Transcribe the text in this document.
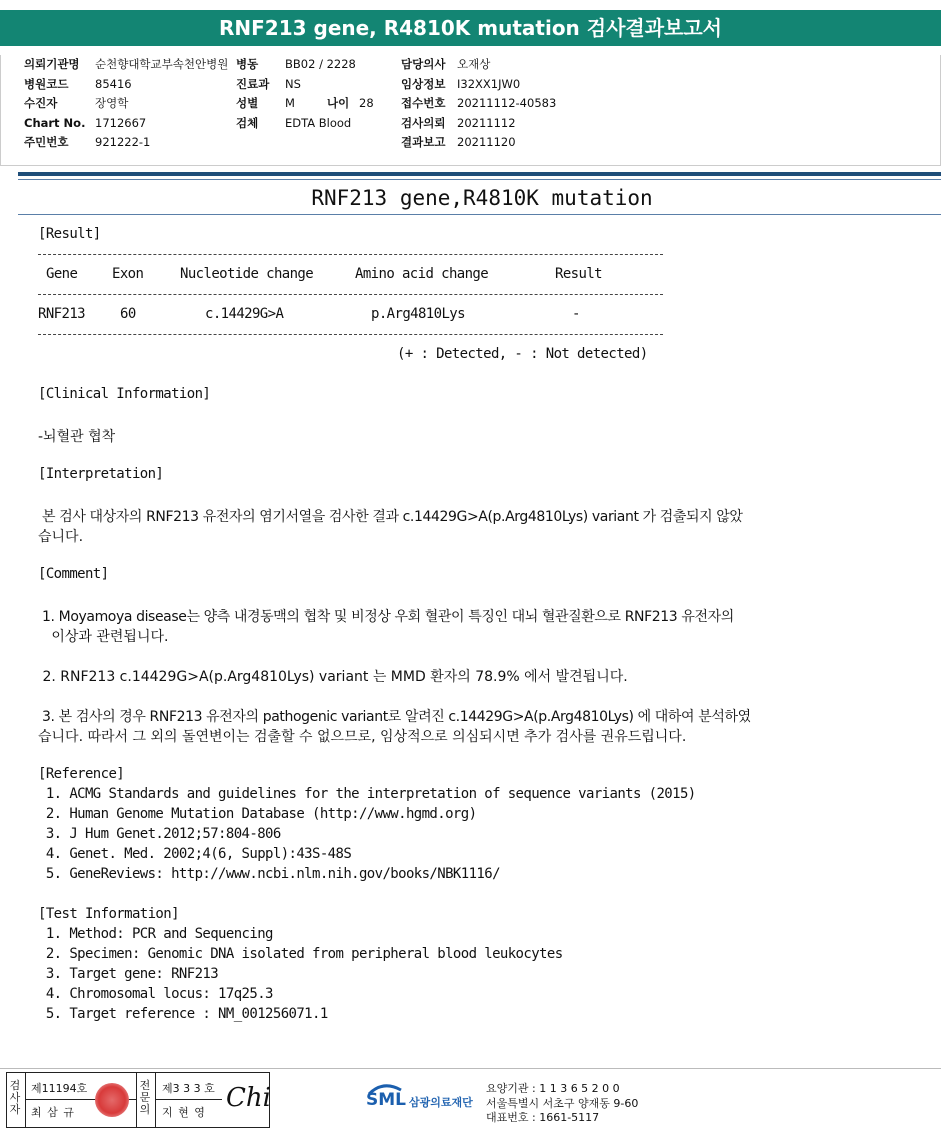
RNF213 gene, R4810K mutation 검사결과보고서
의뢰기관명 순천향대학교부속천안병원
병원코드 85416
수진자	장영학
Chart No. 1712667
주민번호 921222-1
병동 BB02 / 2228
진료과 NS
성별 M	나이 28
검체 EDTA Blood
담당의사 오재상
임상정보 I32XX1JW0
접수번호 20211112-40583
검사의뢰 20211112
결과보고 20211120
RNF213 gene,R4810K mutation
[Result]
Gene Exon	Nucleotide change	Amino acid change	Result
RNF213	60	c.14429G>A	p.Arg4810Lys	-
(+ : Detected, - : Not detected)
[Clinical Information]
-뇌혈관 협착
[Interpretation]
본 검사 대상자의 RNF213 유전자의 염기서열을 검사한 결과 c.14429G>A(p.Arg4810Lys) variant 가 검출되지 않았
습니다.
[Comment]
1. Moyamoya disease는 양측 내경동맥의 협착 및 비정상 우회 혈관이 특징인 대뇌 혈관질환으로 RNF213 유전자의
이상과 관련됩니다.
2. RNF213 c.14429G>A(p.Arg4810Lys) variant 는 MMD 환자의 78.9% 에서 발견됩니다.
3. 본 검사의 경우 RNF213 유전자의 pathogenic variant로 알려진 c.14429G>A(p.Arg4810Lys) 에 대하여 분석하였
습니다. 따라서 그 외의 돌연변이는 검출할 수 없으므로, 임상적으로 의심되시면 추가 검사를 권유드립니다.
[Reference]
1. ACMG Standards and guidelines for the interpretation of sequence variants (2015)
2. Human Genome Mutation Database (http://www.hgmd.org)
3. J Hum Genet.2012;57:804-806
4. Genet. Med. 2002;4(6, Suppl):43S-48S
5. GeneReviews: http://www.ncbi.nlm.nih.gov/books/NBK1116/
[Test Information]
1. Method: PCR and Sequencing
2. Specimen: Genomic DNA isolated from peripheral blood leukocytes
3. Target gene: RNF213
4. Chromosomal locus: 17q25.3
5. Target reference : NM_001256071.1
검사자
제11194호
최 삼 규
전문의
제3 3 3 호
지 현 영 Chi	SML 삼광의료재단
요양기관 : 1 1 3 6 5 2 0 0
서울특별시 서초구 양재동 9-60
대표번호 : 1661-5117
